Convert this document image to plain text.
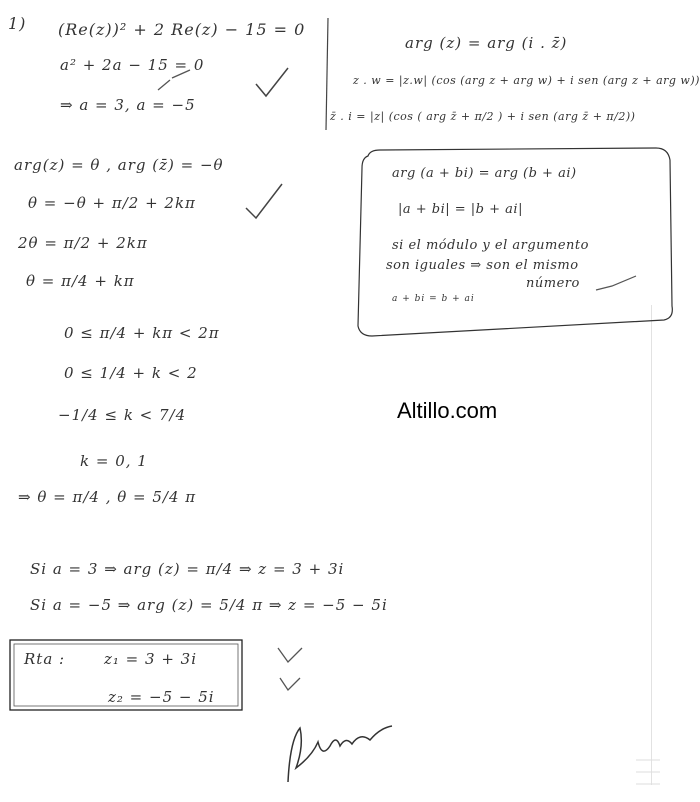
1) (Re(z))² + 2 Re(z) − 15 = 0
a² + 2a − 15 = 0
⇒ a = 3, a = −5
arg (z) = arg (i . z̄)
z . w = |z.w| (cos (arg z + arg w) + i sen (arg z + arg w))
z̄ . i = |z| (cos ( arg z̄ + π/2 ) + i sen (arg z̄ + π/2))
arg(z) = θ , arg (z̄) = −θ
θ = −θ + π/2 + 2kπ
2θ = π/2 + 2kπ
θ = π/4 + kπ
0 ≤ π/4 + kπ < 2π
0 ≤ 1/4 + k < 2
−1/4 ≤ k < 7/4
k = 0, 1
⇒ θ = π/4 , θ = 5/4 π
arg (a + bi) = arg (b + ai)
|a + bi| = |b + ai|
si el módulo y el argumento
son iguales ⇒ son el mismo
número
a + bi = b + ai
Altillo.com
Si a = 3 ⇒ arg (z) = π/4 ⇒ z = 3 + 3i
Si a = −5 ⇒ arg (z) = 5/4 π ⇒ z = −5 − 5i
Rta :	z₁ = 3 + 3i
z₂ = −5 − 5i
